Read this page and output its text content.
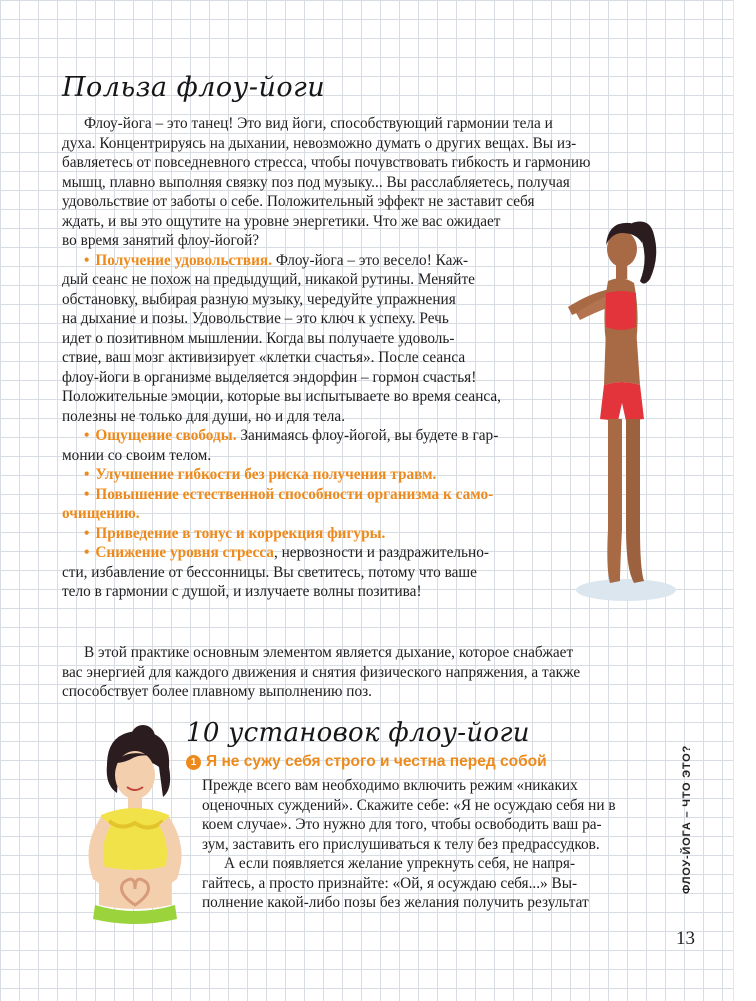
Польза флоу-йоги
Флоу-йога – это танец! Это вид йоги, способствующий гармонии тела и
духа. Концентрируясь на дыхании, невозможно думать о других вещах. Вы из-
бавляетесь от повседневного стресса, чтобы почувствовать гибкость и гармонию
мышц, плавно выполняя связку поз под музыку... Вы расслабляетесь, получая
удовольствие от заботы о себе. Положительный эффект не заставит себя
ждать, и вы это ощутите на уровне энергетики. Что же вас ожидает
во время занятий флоу-йогой?
• Получение удовольствия. Флоу-йога – это весело! Каж-
дый сеанс не похож на предыдущий, никакой рутины. Меняйте
обстановку, выбирая разную музыку, чередуйте упражнения
на дыхание и позы. Удовольствие – это ключ к успеху. Речь
идет о позитивном мышлении. Когда вы получаете удоволь-
ствие, ваш мозг активизирует «клетки счастья». После сеанса
флоу-йоги в организме выделяется эндорфин – гормон счастья!
Положительные эмоции, которые вы испытываете во время сеанса,
полезны не только для души, но и для тела.
• Ощущение свободы. Занимаясь флоу-йогой, вы будете в гар-
монии со своим телом.
• Улучшение гибкости без риска получения травм.
• Повышение естественной способности организма к само-
очищению.
• Приведение в тонус и коррекция фигуры.
• Снижение уровня стресса, нервозности и раздражительно-
сти, избавление от бессонницы. Вы светитесь, потому что ваше
тело в гармонии с душой, и излучаете волны позитива!
В этой практике основным элементом является дыхание, которое снабжает
вас энергией для каждого движения и снятия физического напряжения, а также
способствует более плавному выполнению поз.
10 установок флоу-йоги
1 Я не сужу себя строго и честна перед собой
Прежде всего вам необходимо включить режим «никаких
оценочных суждений». Скажите себе: «Я не осуждаю себя ни в
коем случае». Это нужно для того, чтобы освободить ваш ра-
зум, заставить его прислушиваться к телу без предрассудков.
А если появляется желание упрекнуть себя, не напря-
гайтесь, а просто признайте: «Ой, я осуждаю себя...» Вы-
полнение какой-либо позы без желания получить результат
ФЛОУ-ЙОГА – ЧТО ЭТО?
13
